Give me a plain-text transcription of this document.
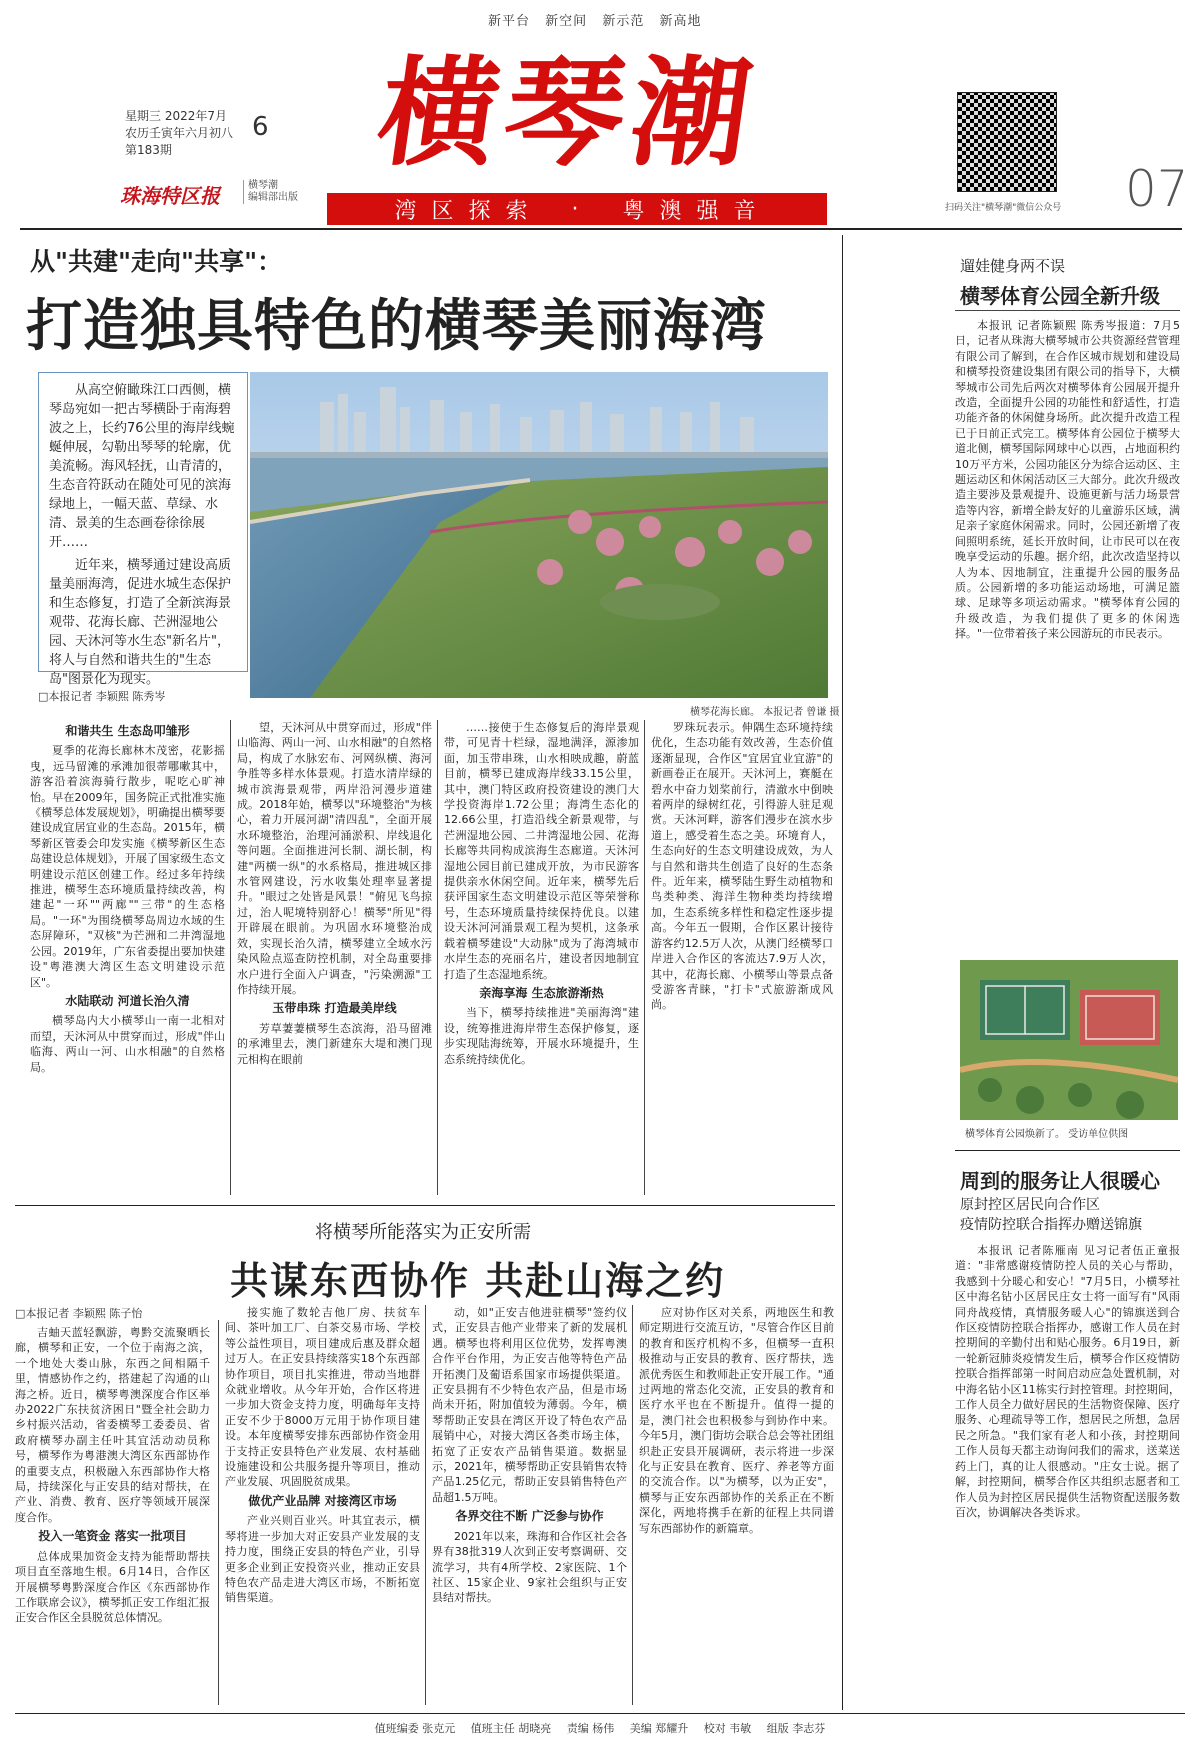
新平台 新空间 新示范 新高地
横琴潮
星期三 2022年7月
农历壬寅年六月初八
第183期
6
珠海特区报	横琴潮
编辑部出版
湾 区 探 索 · 粤 澳 强 音	扫码关注"横琴潮"微信公众号 07
从"共建"走向"共享"：
打造独具特色的横琴美丽海湾

从高空俯瞰珠江口西侧，横琴岛宛如一把古琴横卧于南海碧波之上，长约76公里的海岸线蜿蜒伸展，勾勒出琴琴的轮廓，优美流畅。海风轻抚，山青清的，生态音符跃动在随处可见的滨海绿地上，一幅天蓝、草绿、水清、景美的生态画卷徐徐展开……

近年来，横琴通过建设高质量美丽海湾，促进水城生态保护和生态修复，打造了全新滨海景观带、花海长廊、芒洲湿地公园、天沐河等水生态"新名片"，将人与自然和谐共生的"生态岛"图景化为现实。

□本报记者 李颖熙 陈秀岑
横琴花海长廊。 本报记者 曾谦 摄
和谐共生 生态岛叩雏形

夏季的花海长廊林木茂密，花影摇曳，远马留滩的承滩加很蒂哪嗽其中，游客沿着滨海骑行散步，呢吃心旷神怡。早在2009年，国务院正式批准实施《横琴总体发展规划》，明确提出横琴要建设成宜居宜业的生态岛。2015年，横琴新区管委会印发实施《横琴新区生态岛建设总体规划》，开展了国家级生态文明建设示范区创建工作。经过多年持续推进，横琴生态环境质量持续改善，构建起"一环""两廊""三带"的生态格局。"一环"为围绕横琴岛周边水域的生态屏障环，"双核"为芒洲和二井湾湿地公园。2019年，广东省委提出要加快建设"粤港澳大湾区生态文明建设示范区"。

水陆联动 河道长治久清

横琴岛内大小横琴山一南一北相对而望，天沐河从中贯穿而过，形成"伴山临海、两山一河、山水相融"的自然格局。

望，天沐河从中贯穿而过，形成"伴山临海、两山一河、山水相融"的自然格局，构成了水脉宏布、河网纵横、海河争胜等多样水体景观。打造水清岸绿的城市滨海景观带，两岸沿河漫步道建成。2018年始，横琴以"环境整治"为核心，着力开展河湖"清四乱"，全面开展水环境整治，治理河涌淤积、岸线退化等问题。全面推进河长制、湖长制，构建"两横一纵"的水系格局，推进城区排水管网建设，污水收集处理率显著提升。"眼过之处皆是风景！"俯见飞鸟掠过，治人呢境特别舒心！横琴"所见"得开辟展在眼前。为巩固水环境整治成效，实现长治久清，横琴建立全域水污染风险点巡查防控机制，对全岛重要排水户进行全面入户调查，"污染溯源"工作持续开展。

玉带串珠 打造最美岸线

芳草萋萋横琴生态滨海，沿马留滩的承滩里去，澳门新建东大堤和澳门现元相构在眼前

……接使于生态修复后的海岸景观带，可见青十栏绿，湿地满泽，源渗加面，加玉带串珠，山水相映成趣，蔚蓝目前，横琴已建成海岸线33.15公里，其中，澳门特区政府投资建设的澳门大学投资海岸1.72公里；海湾生态化的12.66公里，打造沿线全新景观带，与芒洲湿地公园、二井湾湿地公园、花海长廊等共同构成滨海生态廊道。天沐河湿地公园目前已建成开放，为市民游客提供亲水休闲空间。近年来，横琴先后获评国家生态文明建设示范区等荣誉称号，生态环境质量持续保持优良。以建设天沐河河涌景观工程为契机，这条承载着横琴建设"大动脉"成为了海湾城市水岸生态的亮丽名片，建设者因地制宜打造了生态湿地系统。

亲海享海 生态旅游渐热

当下，横琴持续推进"美丽海湾"建设，统筹推进海岸带生态保护修复，逐步实现陆海统筹，开展水环境提升，生态系统持续优化。

罗珠玩表示。伸隅生态环境持续优化，生态功能有效改善，生态价值逐渐显现，合作区"宜居宜业宜游"的新画卷正在展开。天沐河上，赛艇在碧水中奋力划桨前行，清澈水中倒映着两岸的绿树红花，引得游人驻足观赏。天沐河畔，游客们漫步在滨水步道上，感受着生态之美。环境育人，生态向好的生态文明建设成效，为人与自然和谐共生创造了良好的生态条件。近年来，横琴陆生野生动植物和鸟类种类、海洋生物种类均持续增加，生态系统多样性和稳定性逐步提高。今年五一假期，合作区累计接待游客约12.5万人次，从澳门经横琴口岸进入合作区的客流达7.9万人次，其中，花海长廊、小横琴山等景点备受游客青睐，"打卡"式旅游渐成风尚。

遛娃健身两不误
横琴体育公园全新升级

本报讯 记者陈颖熙 陈秀岑报道：7月5日，记者从珠海大横琴城市公共资源经营管理有限公司了解到，在合作区城市规划和建设局和横琴投资建设集团有限公司的指导下，大横琴城市公司先后两次对横琴体育公园展开提升改造，全面提升公园的功能性和舒适性，打造功能齐备的休闲健身场所。此次提升改造工程已于日前正式完工。横琴体育公园位于横琴大道北侧，横琴国际网球中心以西，占地面积约10万平方米，公园功能区分为综合运动区、主题运动区和休闲活动区三大部分。此次升级改造主要涉及景观提升、设施更新与活力场景营造等内容，新增全龄友好的儿童游乐区域，满足亲子家庭休闲需求。同时，公园还新增了夜间照明系统，延长开放时间，让市民可以在夜晚享受运动的乐趣。据介绍，此次改造坚持以人为本、因地制宜，注重提升公园的服务品质。公园新增的多功能运动场地，可满足篮球、足球等多项运动需求。"横琴体育公园的升级改造，为我们提供了更多的休闲选择。"一位带着孩子来公园游玩的市民表示。

横琴体育公园焕新了。 受访单位供图
周到的服务让人很暖心
原封控区居民向合作区
疫情防控联合指挥办赠送锦旗

本报讯 记者陈雁南 见习记者伍正童报道："非常感谢疫情防控人员的关心与帮助，我感到十分暖心和安心！"7月5日，小横琴社区中海名钻小区居民庄女士将一面写有"风雨同舟战疫情，真情服务暖人心"的锦旗送到合作区疫情防控联合指挥办，感谢工作人员在封控期间的辛勤付出和贴心服务。6月19日，新一轮新冠肺炎疫情发生后，横琴合作区疫情防控联合指挥部第一时间启动应急处置机制，对中海名钻小区11栋实行封控管理。封控期间，工作人员全力做好居民的生活物资保障、医疗服务、心理疏导等工作，想居民之所想，急居民之所急。"我们家有老人和小孩，封控期间工作人员每天都主动询问我们的需求，送菜送药上门，真的让人很感动。"庄女士说。据了解，封控期间，横琴合作区共组织志愿者和工作人员为封控区居民提供生活物资配送服务数百次，协调解决各类诉求。

将横琴所能落实为正安所需
共谋东西协作 共赴山海之约
□本报记者 李颖熙 陈子怡

吉蚰天蓝轻飘游，粤黔交流聚晒长廊，横琴和正安，一个位于南海之滨，一个地处大娄山脉，东西之间相隔千里，情感协作之约，搭建起了沟通的山海之桥。近日，横琴粤澳深度合作区举办2022广东扶贫济困日"暨全社会助力乡村振兴活动，省委横琴工委委员、省政府横琴办副主任叶其宜活动动员称号，横琴作为粤港澳大湾区东西部协作的重要支点，积极融入东西部协作大格局，持续深化与正安县的结对帮扶，在产业、消费、教育、医疗等领域开展深度合作。

投入一笔资金 落实一批项目

总体成果加资金支持为能帮助帮扶项目直至落地生根。6月14日，合作区开展横琴粤黔深度合作区《东西部协作工作联席会议》，横琴抓正安工作组汇报正安合作区全县脱贫总体情况。

接实施了数轮吉他厂房、扶贫车间、茶叶加工厂、白茶交易市场、学校等公益性项目，项目建成后惠及群众超过万人。在正安县持续落实18个东西部协作项目，项目扎实推进，带动当地群众就业增收。从今年开始，合作区将进一步加大资金支持力度，明确每年支持正安不少于8000万元用于协作项目建设。本年度横琴安排东西部协作资金用于支持正安县特色产业发展、农村基础设施建设和公共服务提升等项目，推动产业发展、巩固脱贫成果。

做优产业品牌 对接湾区市场

产业兴则百业兴。叶其宜表示，横琴将进一步加大对正安县产业发展的支持力度，围绕正安县的特色产业，引导更多企业到正安投资兴业，推动正安县特色农产品走进大湾区市场，不断拓宽销售渠道。

动，如"正安吉他进驻横琴"签约仪式，正安县吉他产业带来了新的发展机遇。横琴也将利用区位优势，发挥粤澳合作平台作用，为正安吉他等特色产品开拓澳门及葡语系国家市场提供渠道。正安县拥有不少特色农产品，但是市场尚未开拓，附加值较为薄弱。今年，横琴帮助正安县在湾区开设了特色农产品展销中心，对接大湾区各类市场主体，拓宽了正安农产品销售渠道。数据显示，2021年，横琴帮助正安县销售农特产品1.25亿元，帮助正安县销售特色产品超1.5万吨。

各界交往不断 广泛参与协作

2021年以来，珠海和合作区社会各界有38批319人次到正安考察调研、交流学习，共有4所学校、2家医院、1个社区、15家企业、9家社会组织与正安县结对帮扶。

应对协作区对关系，两地医生和教师定期进行交流互访，"尽管合作区目前的教育和医疗机构不多，但横琴一直积极推动与正安县的教育、医疗帮扶，选派优秀医生和教师赴正安开展工作。"通过两地的常态化交流，正安县的教育和医疗水平也在不断提升。值得一提的是，澳门社会也积极参与到协作中来。今年5月，澳门街坊会联合总会等社团组织赴正安县开展调研，表示将进一步深化与正安县在教育、医疗、养老等方面的交流合作。以"为横琴，以为正安"，横琴与正安东西部协作的关系正在不断深化，两地将携手在新的征程上共同谱写东西部协作的新篇章。

值班编委 张克元 值班主任 胡晓亮 责编 杨伟 美编 郑耀升 校对 韦敏 组版 李志芬
